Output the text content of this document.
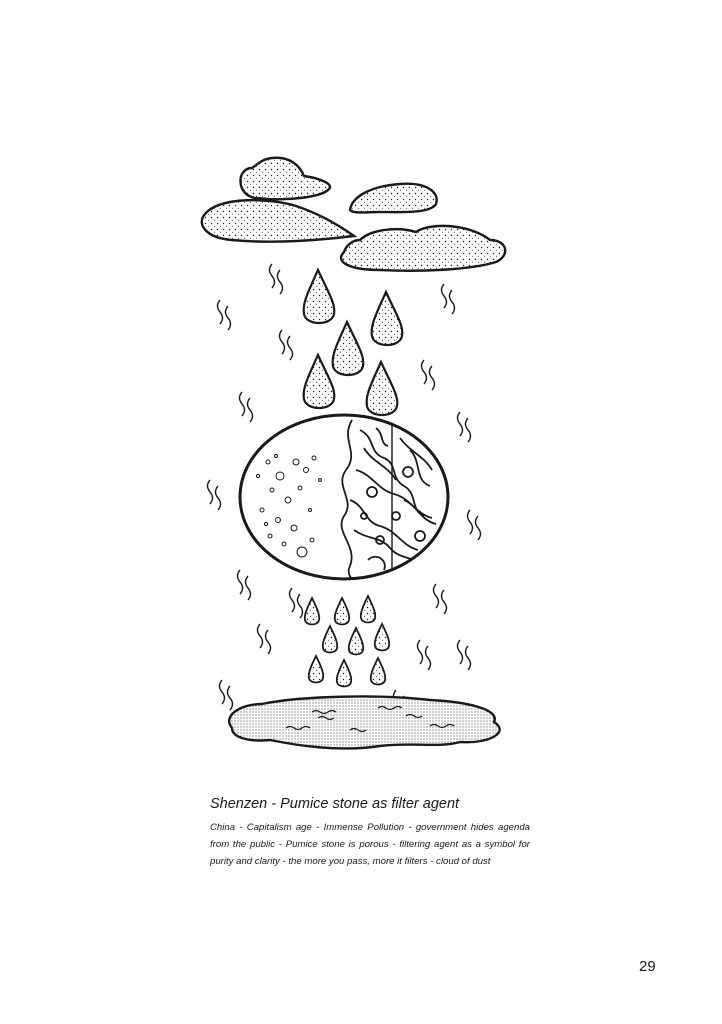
Shenzen - Pumice stone as filter agent

China - Capitalism age - Immense Pollution - government hides agenda from the public - Pumice stone is porous - filtering agent as a symbol for purity and clarity - the more you pass, more it filters - cloud of dust

29
